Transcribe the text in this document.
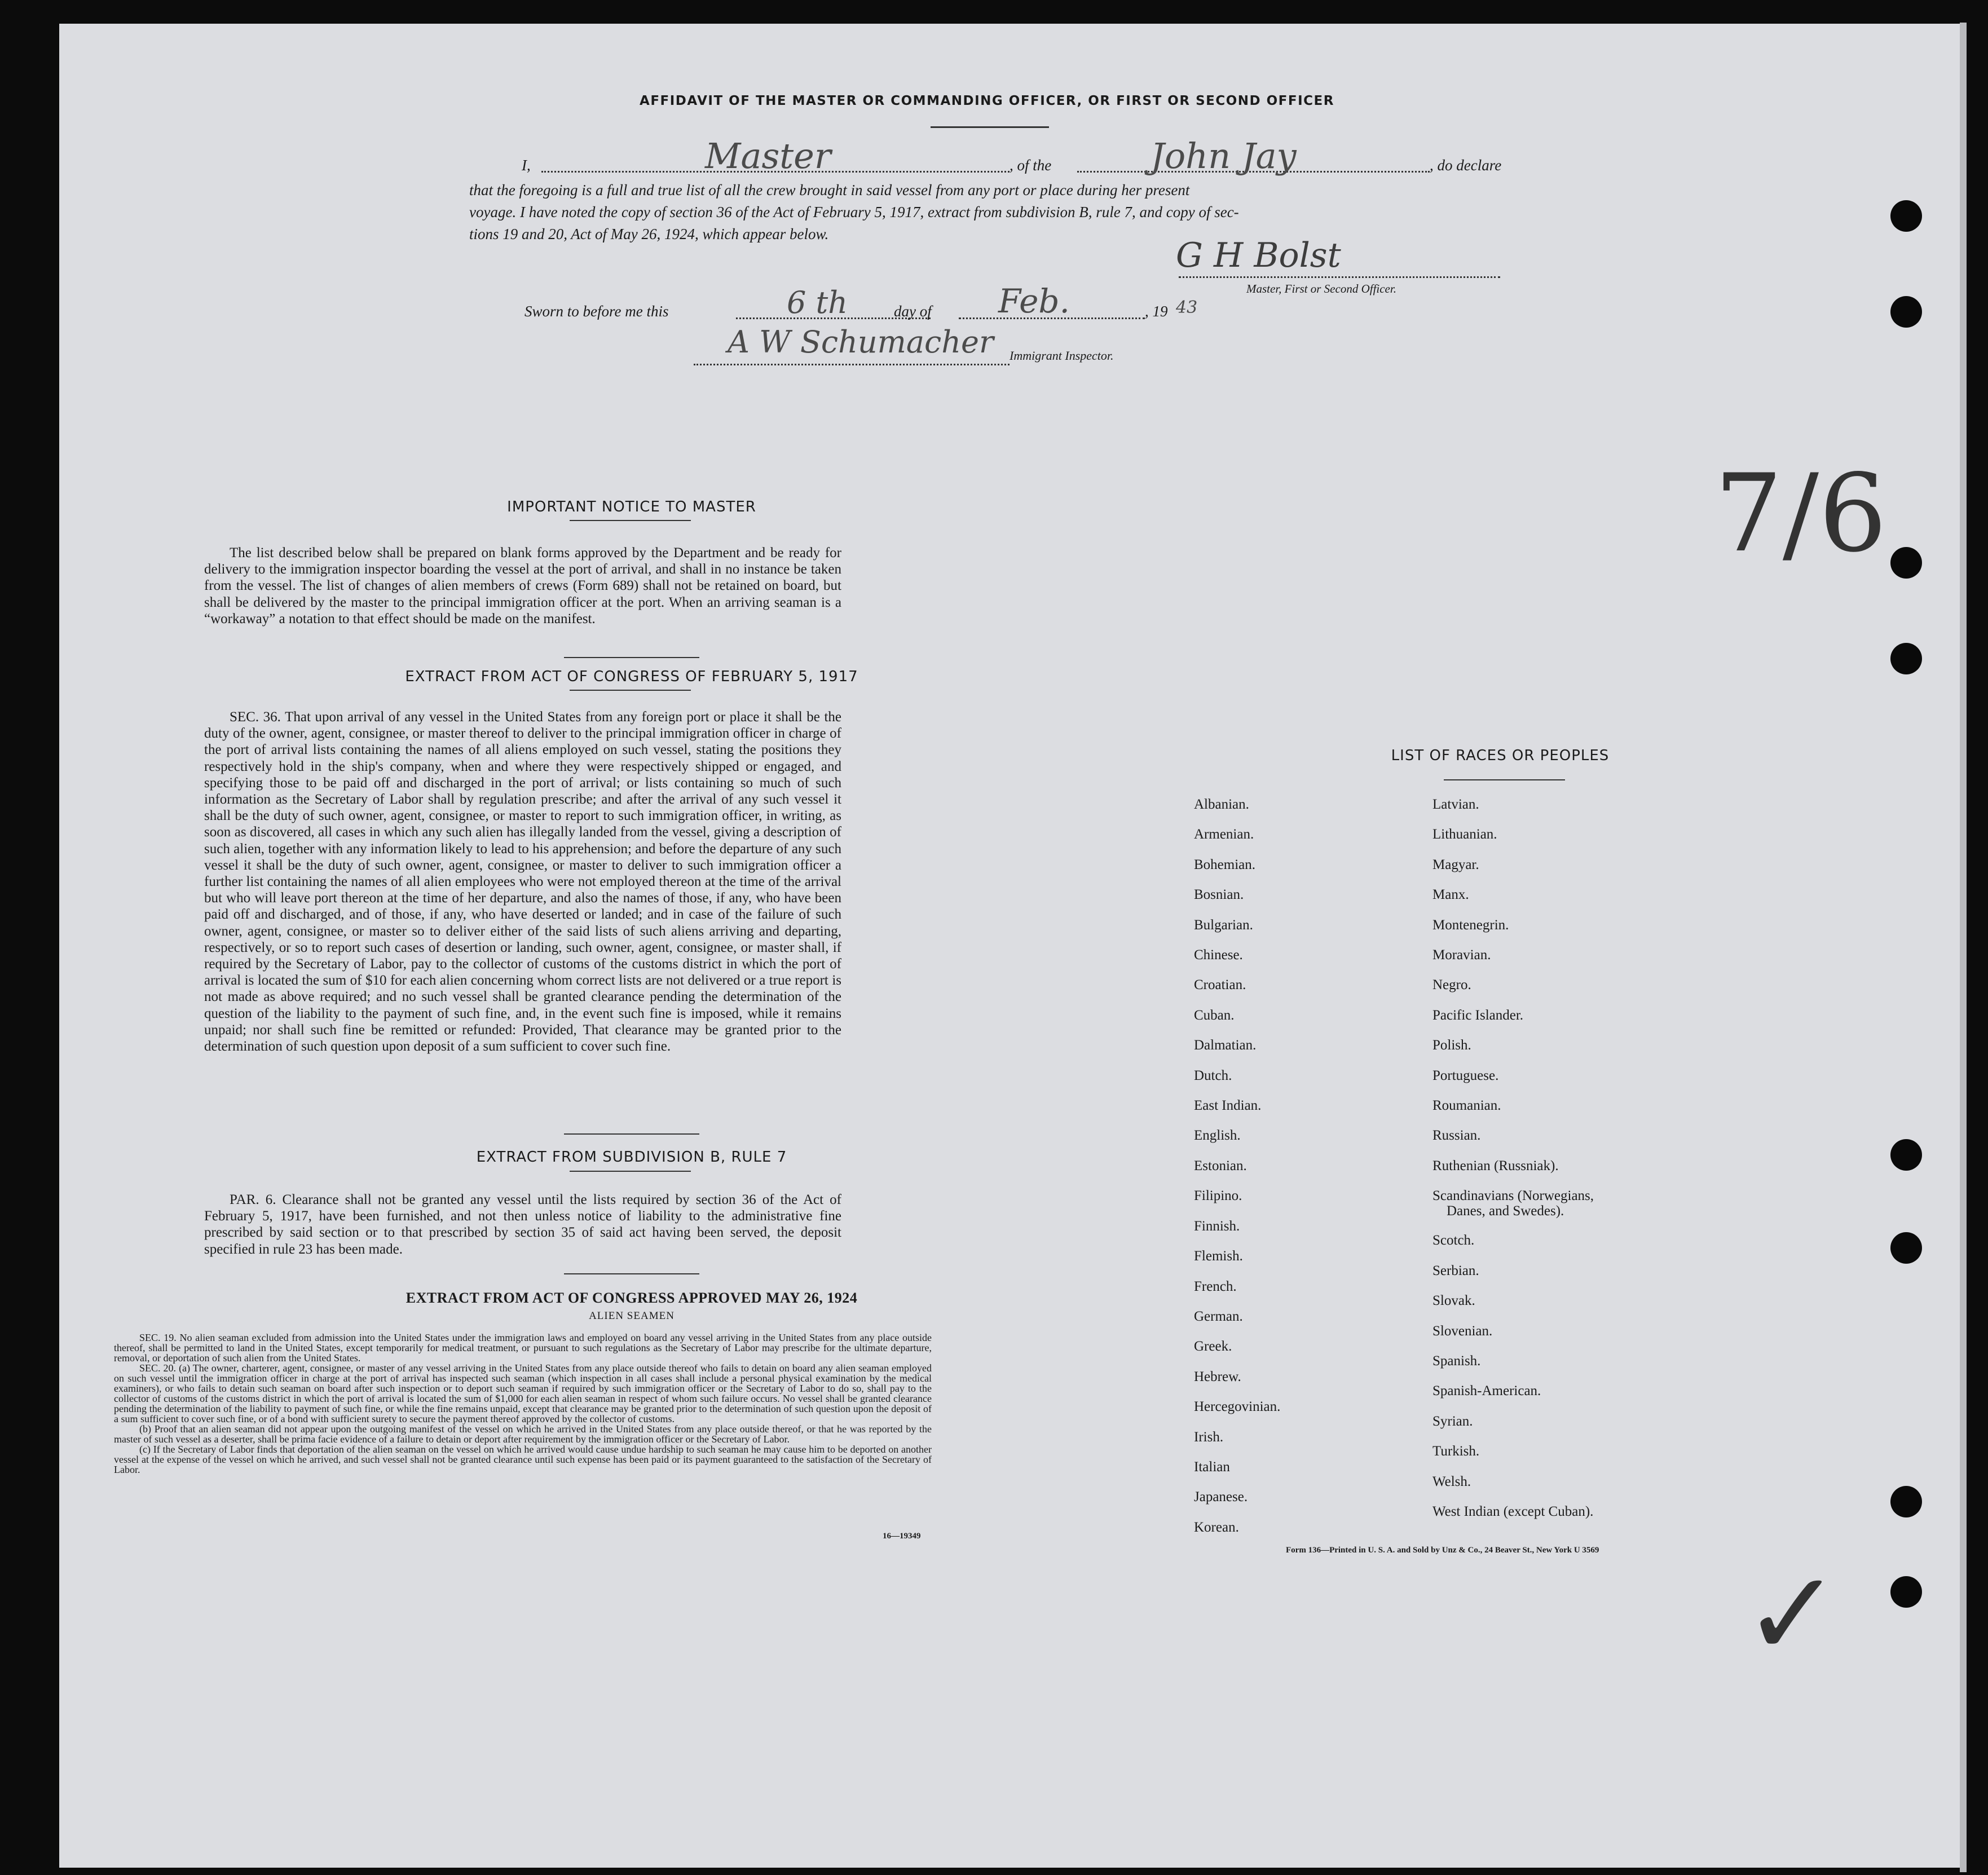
AFFIDAVIT OF THE MASTER OR COMMANDING OFFICER, OR FIRST OR SECOND OFFICER
I,	Master	, of the	John Jay	, do declare
that the foregoing is a full and true list of all the crew brought in said vessel from any port or place during her present
voyage. I have noted the copy of section 36 of the Act of February 5, 1917, extract from subdivision B, rule 7, and copy of sec-
tions 19 and 20, Act of May 26, 1924, which appear below.
G H Bolst
Master, First or Second Officer.
Sworn to before me this	6 th	day of Feb.	, 19 43
A W Schumacher Immigrant Inspector.
7/6
✓
IMPORTANT NOTICE TO MASTER

The list described below shall be prepared on blank forms approved by the Department and be ready for delivery to the immigration inspector boarding the vessel at the port of arrival, and shall in no instance be taken from the vessel. The list of changes of alien members of crews (Form 689) shall not be retained on board, but shall be delivered by the master to the principal immigration officer at the port. When an arriving seaman is a “workaway” a notation to that effect should be made on the manifest.

EXTRACT FROM ACT OF CONGRESS OF FEBRUARY 5, 1917

SEC. 36. That upon arrival of any vessel in the United States from any foreign port or place it shall be the duty of the owner, agent, consignee, or master thereof to deliver to the principal immigration officer in charge of the port of arrival lists containing the names of all aliens employed on such vessel, stating the positions they respectively hold in the ship's company, when and where they were respectively shipped or engaged, and specifying those to be paid off and discharged in the port of arrival; or lists containing so much of such information as the Secretary of Labor shall by regulation prescribe; and after the arrival of any such vessel it shall be the duty of such owner, agent, consignee, or master to report to such immigration officer, in writing, as soon as discovered, all cases in which any such alien has illegally landed from the vessel, giving a description of such alien, together with any information likely to lead to his apprehension; and before the departure of any such vessel it shall be the duty of such owner, agent, consignee, or master to deliver to such immigration officer a further list containing the names of all alien employees who were not employed thereon at the time of the arrival but who will leave port thereon at the time of her departure, and also the names of those, if any, who have been paid off and discharged, and of those, if any, who have deserted or landed; and in case of the failure of such owner, agent, consignee, or master so to deliver either of the said lists of such aliens arriving and departing, respectively, or so to report such cases of desertion or landing, such owner, agent, consignee, or master shall, if required by the Secretary of Labor, pay to the collector of customs of the customs district in which the port of arrival is located the sum of $10 for each alien concerning whom correct lists are not delivered or a true report is not made as above required; and no such vessel shall be granted clearance pending the determination of the question of the liability to the payment of such fine, and, in the event such fine is imposed, while it remains unpaid; nor shall such fine be remitted or refunded: Provided, That clearance may be granted prior to the determination of such question upon deposit of a sum sufficient to cover such fine.

EXTRACT FROM SUBDIVISION B, RULE 7

PAR. 6. Clearance shall not be granted any vessel until the lists required by section 36 of the Act of February 5, 1917, have been furnished, and not then unless notice of liability to the administrative fine prescribed by said section or to that prescribed by section 35 of said act having been served, the deposit specified in rule 23 has been made.

EXTRACT FROM ACT OF CONGRESS APPROVED MAY 26, 1924
ALIEN SEAMEN

SEC. 19. No alien seaman excluded from admission into the United States under the immigration laws and employed on board any vessel arriving in the United States from any place outside thereof, shall be permitted to land in the United States, except temporarily for medical treatment, or pursuant to such regulations as the Secretary of Labor may prescribe for the ultimate departure, removal, or deportation of such alien from the United States.

SEC. 20. (a) The owner, charterer, agent, consignee, or master of any vessel arriving in the United States from any place outside thereof who fails to detain on board any alien seaman employed on such vessel until the immigration officer in charge at the port of arrival has inspected such seaman (which inspection in all cases shall include a personal physical examination by the medical examiners), or who fails to detain such seaman on board after such inspection or to deport such seaman if required by such immigration officer or the Secretary of Labor to do so, shall pay to the collector of customs of the customs district in which the port of arrival is located the sum of $1,000 for each alien seaman in respect of whom such failure occurs. No vessel shall be granted clearance pending the determination of the liability to payment of such fine, or while the fine remains unpaid, except that clearance may be granted prior to the determination of such question upon the deposit of a sum sufficient to cover such fine, or of a bond with sufficient surety to secure the payment thereof approved by the collector of customs.

(b) Proof that an alien seaman did not appear upon the outgoing manifest of the vessel on which he arrived in the United States from any place outside thereof, or that he was reported by the master of such vessel as a deserter, shall be prima facie evidence of a failure to detain or deport after requirement by the immigration officer or the Secretary of Labor.

(c) If the Secretary of Labor finds that deportation of the alien seaman on the vessel on which he arrived would cause undue hardship to such seaman he may cause him to be deported on another vessel at the expense of the vessel on which he arrived, and such vessel shall not be granted clearance until such expense has been paid or its payment guaranteed to the satisfaction of the Secretary of Labor.

16—19349
LIST OF RACES OR PEOPLES
Albanian.
Armenian.
Bohemian.
Bosnian.
Bulgarian.
Chinese.
Croatian.
Cuban.
Dalmatian.
Dutch.
East Indian.
English.
Estonian.
Filipino.
Finnish.
Flemish.
French.
German.
Greek.
Hebrew.
Hercegovinian.
Irish.
Italian
Japanese.
Korean.
Latvian.
Lithuanian.
Magyar.
Manx.
Montenegrin.
Moravian.
Negro.
Pacific Islander.
Polish.
Portuguese.
Roumanian.
Russian.
Ruthenian (Russniak).
Scandinavians (Norwegians,
Danes, and Swedes).
Scotch.
Serbian.
Slovak.
Slovenian.
Spanish.
Spanish-American.
Syrian.
Turkish.
Welsh.
West Indian (except Cuban).
Form 136—Printed in U. S. A. and Sold by Unz & Co., 24 Beaver St., New York U 3569
